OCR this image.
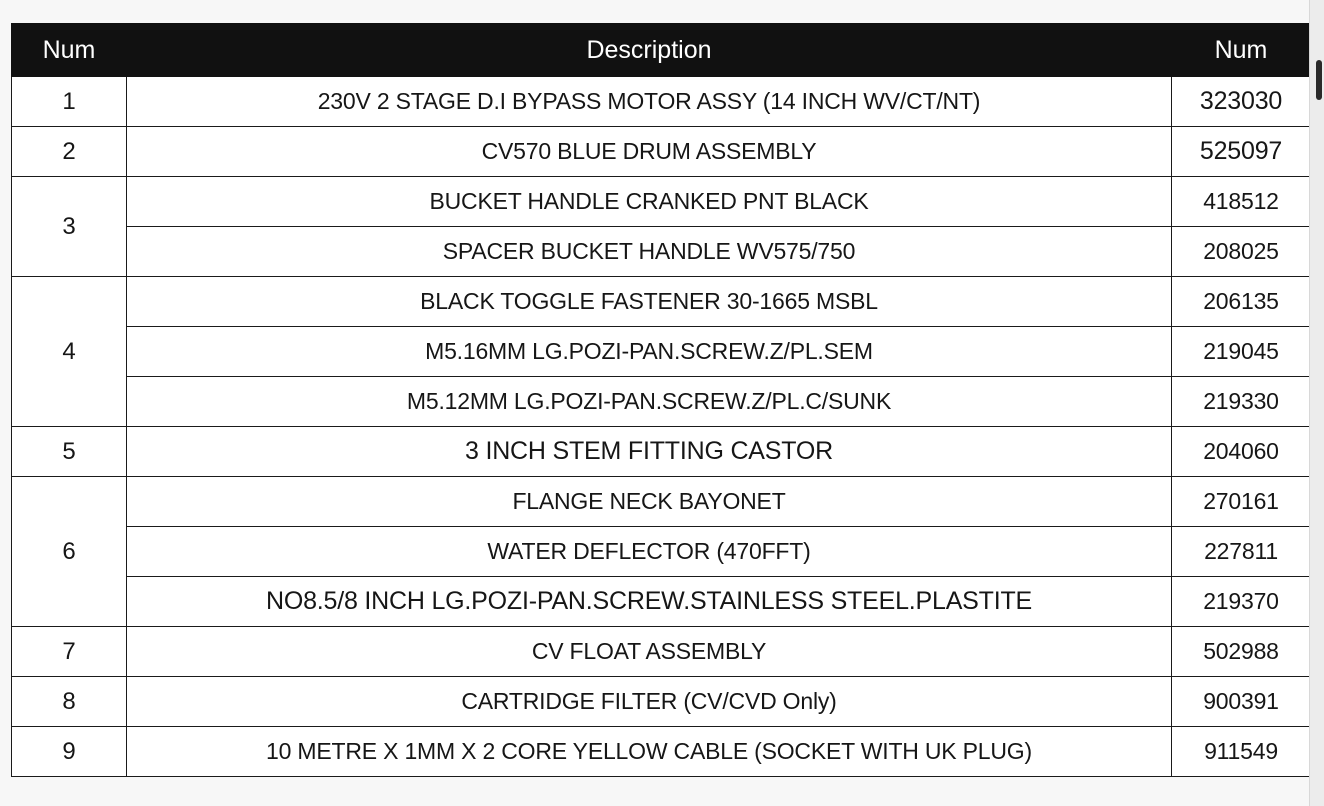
Num	Description	Num
1	230V 2 STAGE D.I BYPASS MOTOR ASSY (14 INCH WV/CT/NT)	323030
2	CV570 BLUE DRUM ASSEMBLY	525097
3	BUCKET HANDLE CRANKED PNT BLACK	418512
	SPACER BUCKET HANDLE WV575/750	208025
4	BLACK TOGGLE FASTENER 30-1665 MSBL	206135
	M5.16MM LG.POZI-PAN.SCREW.Z/PL.SEM	219045
	M5.12MM LG.POZI-PAN.SCREW.Z/PL.C/SUNK	219330
5	3 INCH STEM FITTING CASTOR	204060
6	FLANGE NECK BAYONET	270161
	WATER DEFLECTOR (470FFT)	227811
	NO8.5/8 INCH LG.POZI-PAN.SCREW.STAINLESS STEEL.PLASTITE	219370
7	CV FLOAT ASSEMBLY	502988
8	CARTRIDGE FILTER (CV/CVD Only)	900391
9	10 METRE X 1MM X 2 CORE YELLOW CABLE (SOCKET WITH UK PLUG)	911549
